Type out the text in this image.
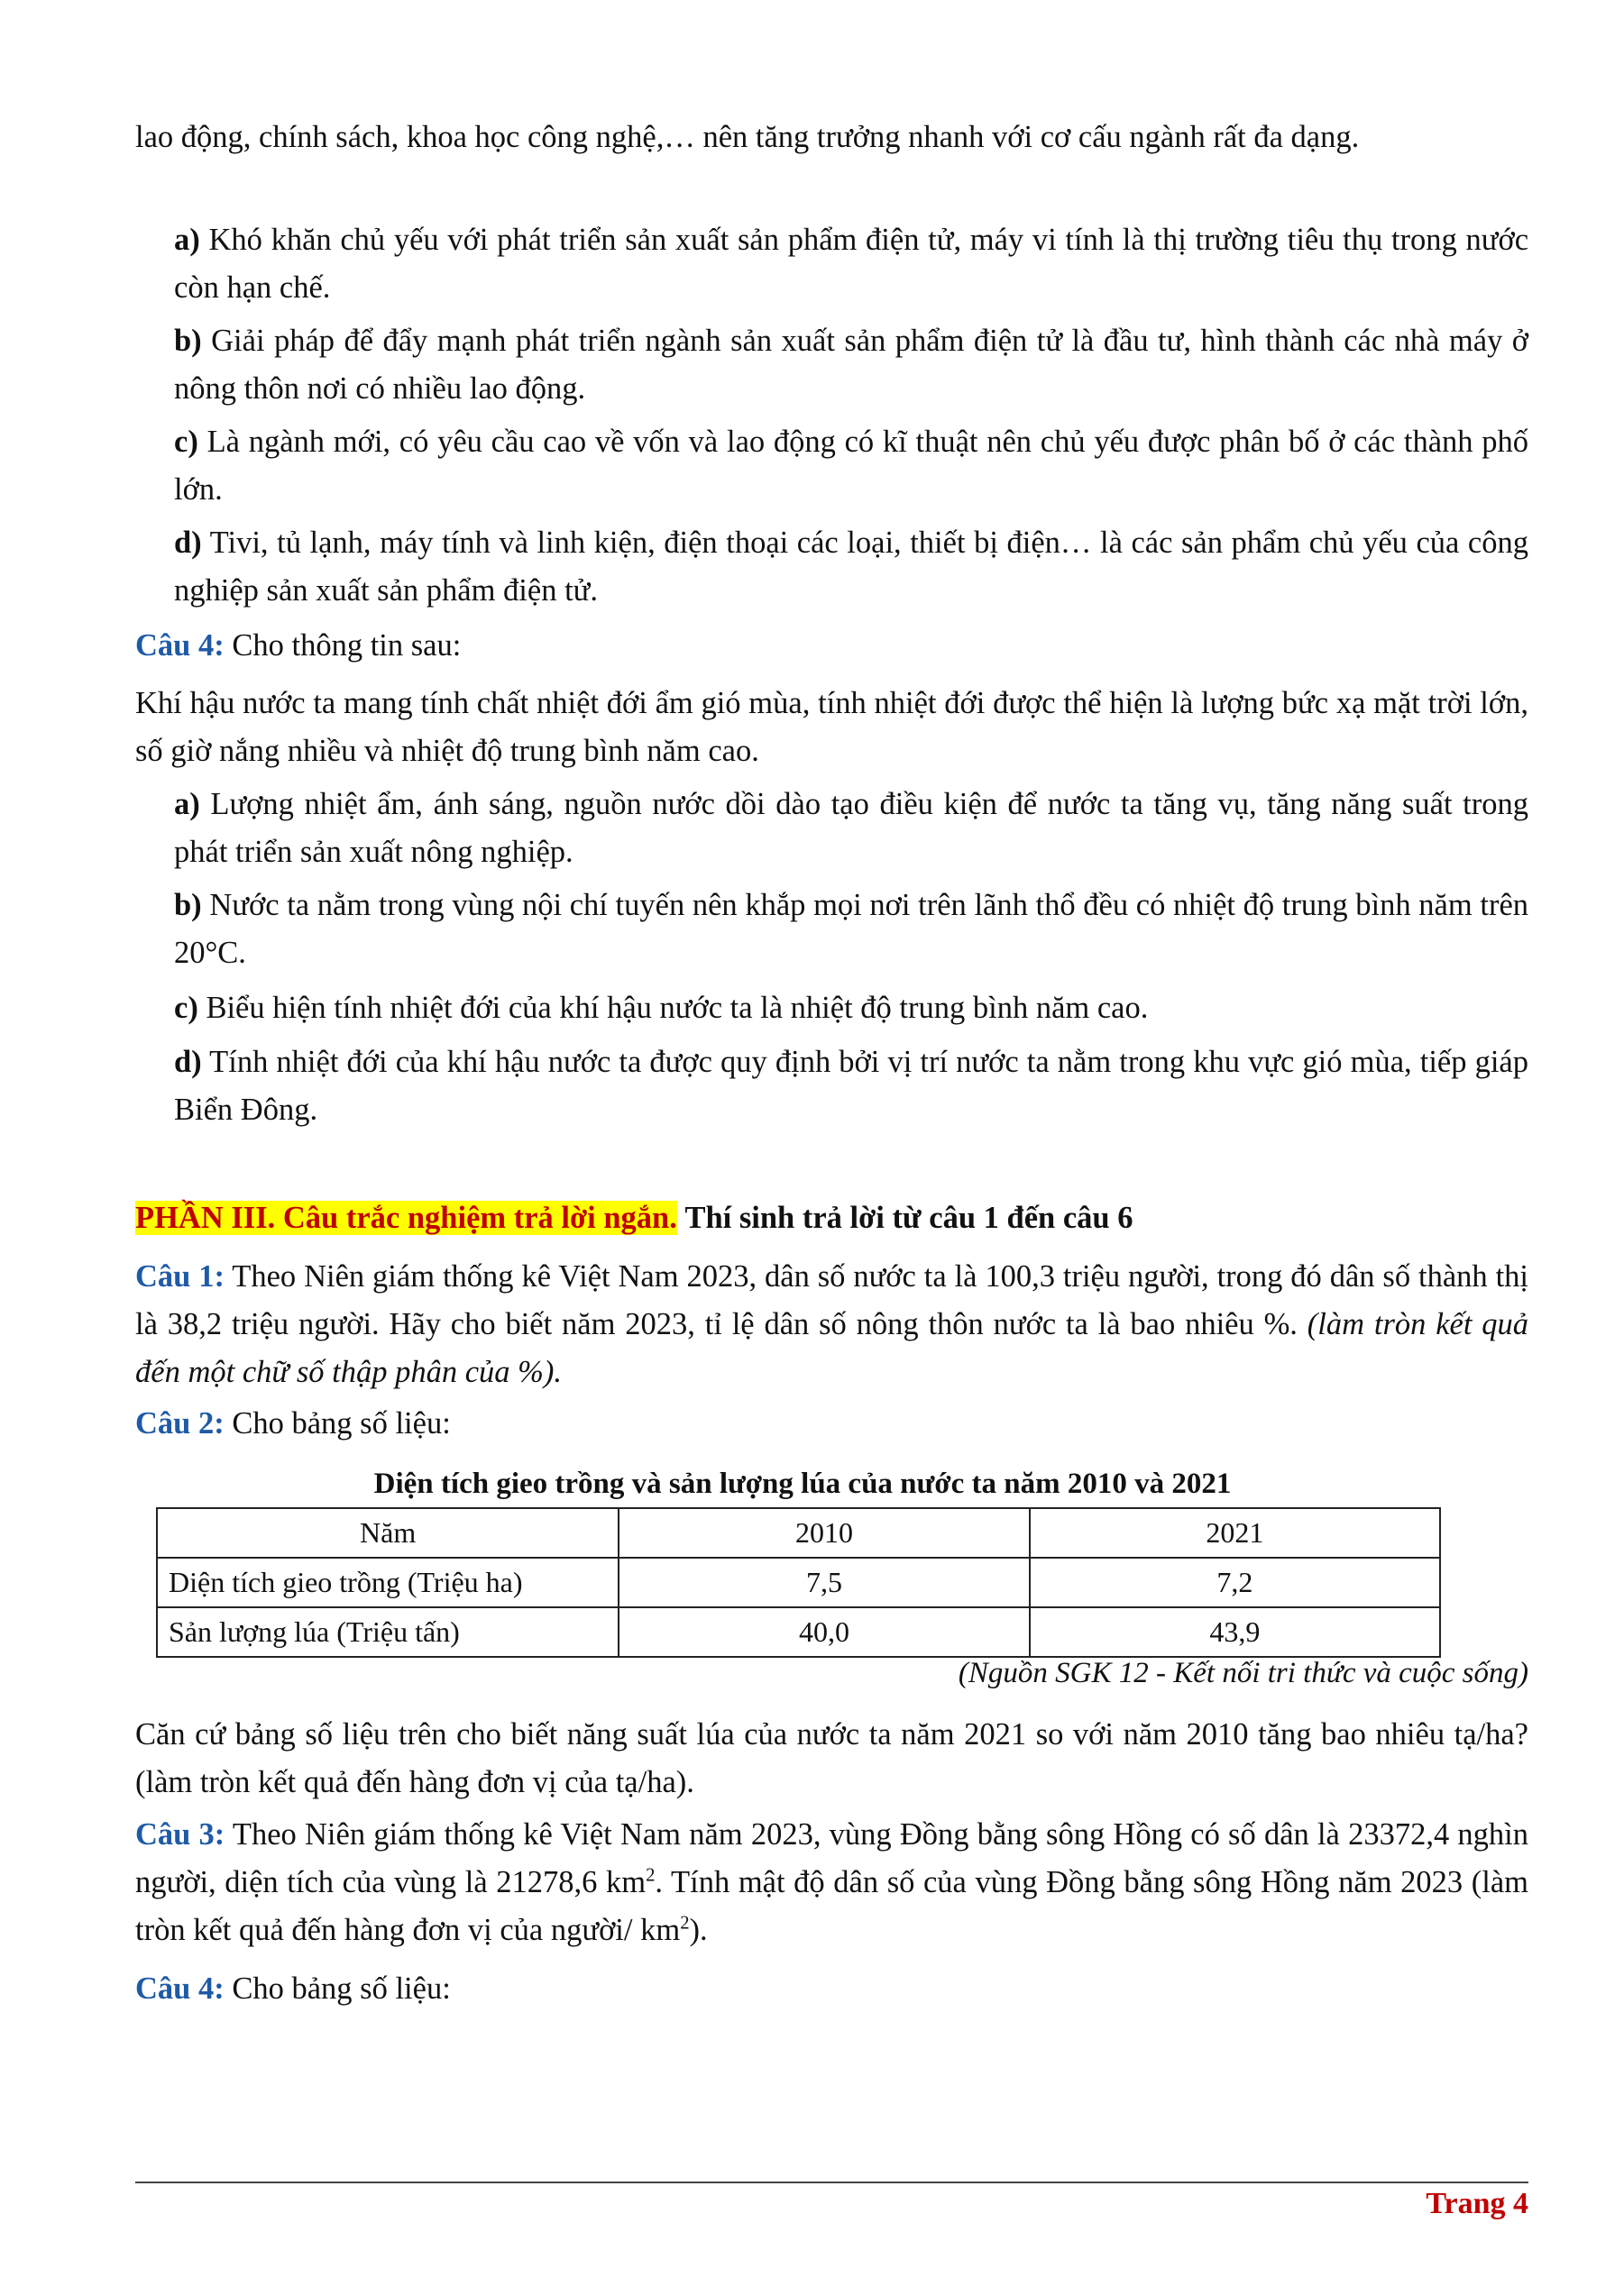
lao động, chính sách, khoa học công nghệ,… nên tăng trưởng nhanh với cơ cấu ngành rất đa dạng.

a) Khó khăn chủ yếu với phát triển sản xuất sản phẩm điện tử, máy vi tính là thị trường tiêu thụ trong nước còn hạn chế.

b) Giải pháp để đẩy mạnh phát triển ngành sản xuất sản phẩm điện tử là đầu tư, hình thành các nhà máy ở nông thôn nơi có nhiều lao động.

c) Là ngành mới, có yêu cầu cao về vốn và lao động có kĩ thuật nên chủ yếu được phân bố ở các thành phố lớn.

d) Tivi, tủ lạnh, máy tính và linh kiện, điện thoại các loại, thiết bị điện… là các sản phẩm chủ yếu của công nghiệp sản xuất sản phẩm điện tử.

Câu 4: Cho thông tin sau:

Khí hậu nước ta mang tính chất nhiệt đới ẩm gió mùa, tính nhiệt đới được thể hiện là lượng bức xạ mặt trời lớn, số giờ nắng nhiều và nhiệt độ trung bình năm cao.

a) Lượng nhiệt ẩm, ánh sáng, nguồn nước dồi dào tạo điều kiện để nước ta tăng vụ, tăng năng suất trong phát triển sản xuất nông nghiệp.

b) Nước ta nằm trong vùng nội chí tuyến nên khắp mọi nơi trên lãnh thổ đều có nhiệt độ trung bình năm trên 20°C.

c) Biểu hiện tính nhiệt đới của khí hậu nước ta là nhiệt độ trung bình năm cao.

d) Tính nhiệt đới của khí hậu nước ta được quy định bởi vị trí nước ta nằm trong khu vực gió mùa, tiếp giáp Biển Đông.

PHẦN III. Câu trắc nghiệm trả lời ngắn. Thí sinh trả lời từ câu 1 đến câu 6

Câu 1: Theo Niên giám thống kê Việt Nam 2023, dân số nước ta là 100,3 triệu người, trong đó dân số thành thị là 38,2 triệu người. Hãy cho biết năm 2023, tỉ lệ dân số nông thôn nước ta là bao nhiêu %. (làm tròn kết quả đến một chữ số thập phân của %).

Câu 2: Cho bảng số liệu:

Diện tích gieo trồng và sản lượng lúa của nước ta năm 2010 và 2021
Năm	2010	2021
Diện tích gieo trồng (Triệu ha)	7,5	7,2
Sản lượng lúa (Triệu tấn)	40,0	43,9
(Nguồn SGK 12 - Kết nối tri thức và cuộc sống)

Căn cứ bảng số liệu trên cho biết năng suất lúa của nước ta năm 2021 so với năm 2010 tăng bao nhiêu tạ/ha? (làm tròn kết quả đến hàng đơn vị của tạ/ha).

Câu 3: Theo Niên giám thống kê Việt Nam năm 2023, vùng Đồng bằng sông Hồng có số dân là 23372,4 nghìn người, diện tích của vùng là 21278,6 $km^2$. Tính mật độ dân số của vùng Đồng bằng sông Hồng năm 2023 (làm tròn kết quả đến hàng đơn vị của người/ $km^2$).

Câu 4: Cho bảng số liệu:

Trang 4
